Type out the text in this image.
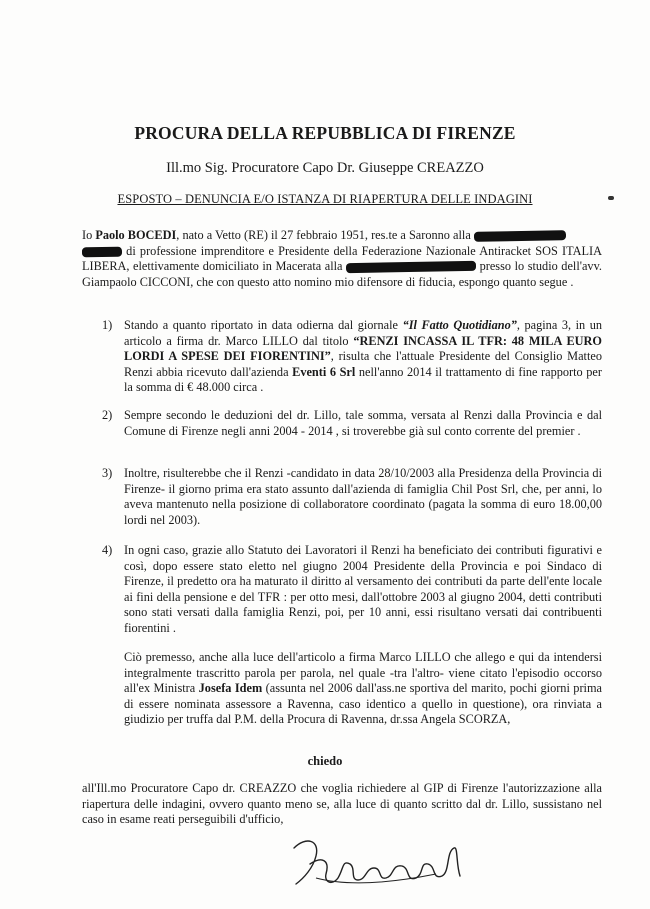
PROCURA DELLA REPUBBLICA DI FIRENZE
Ill.mo Sig. Procuratore Capo Dr. Giuseppe CREAZZO
ESPOSTO – DENUNCIA E/O ISTANZA DI RIAPERTURA DELLE INDAGINI

Io Paolo BOCEDI, nato a Vetto (RE) il 27 febbraio 1951, res.te a Saronno alla
di professione imprenditore e Presidente della Federazione Nazionale Antiracket SOS ITALIA LIBERA, elettivamente domiciliato in Macerata alla	presso lo studio dell'avv. Giampaolo CICCONI, che con questo atto nomino mio difensore di fiducia, espongo quanto segue .

1) Stando a quanto riportato in data odierna dal giornale “Il Fatto Quotidiano”, pagina 3, in un articolo a firma dr. Marco LILLO dal titolo “RENZI INCASSA IL TFR: 48 MILA EURO LORDI A SPESE DEI FIORENTINI”, risulta che l'attuale Presidente del Consiglio Matteo Renzi abbia ricevuto dall'azienda Eventi 6 Srl nell'anno 2014 il trattamento di fine rapporto per la somma di € 48.000 circa .
2) Sempre secondo le deduzioni del dr. Lillo, tale somma, versata al Renzi dalla Provincia e dal Comune di Firenze negli anni 2004 - 2014 , si troverebbe già sul conto corrente del premier .
3) Inoltre, risulterebbe che il Renzi -candidato in data 28/10/2003 alla Presidenza della Provincia di Firenze- il giorno prima era stato assunto dall'azienda di famiglia Chil Post Srl, che, per anni, lo aveva mantenuto nella posizione di collaboratore coordinato (pagata la somma di euro 18.00,00 lordi nel 2003).
4) In ogni caso, grazie allo Statuto dei Lavoratori il Renzi ha beneficiato dei contributi figurativi e così, dopo essere stato eletto nel giugno 2004 Presidente della Provincia e poi Sindaco di Firenze, il predetto ora ha maturato il diritto al versamento dei contributi da parte dell'ente locale ai fini della pensione e del TFR : per otto mesi, dall'ottobre 2003 al giugno 2004, detti contributi sono stati versati dalla famiglia Renzi, poi, per 10 anni, essi risultano versati dai contribuenti fiorentini .

Ciò premesso, anche alla luce dell'articolo a firma Marco LILLO che allego e qui da intendersi integralmente trascritto parola per parola, nel quale -tra l'altro- viene citato l'episodio occorso all'ex Ministra Josefa Idem (assunta nel 2006 dall'ass.ne sportiva del marito, pochi giorni prima di essere nominata assessore a Ravenna, caso identico a quello in questione), ora rinviata a giudizio per truffa dal P.M. della Procura di Ravenna, dr.ssa Angela SCORZA,

chiedo

all'Ill.mo Procuratore Capo dr. CREAZZO che voglia richiedere al GIP di Firenze l'autorizzazione alla riapertura delle indagini, ovvero quanto meno se, alla luce di quanto scritto dal dr. Lillo, sussistano nel caso in esame reati perseguibili d'ufficio,
